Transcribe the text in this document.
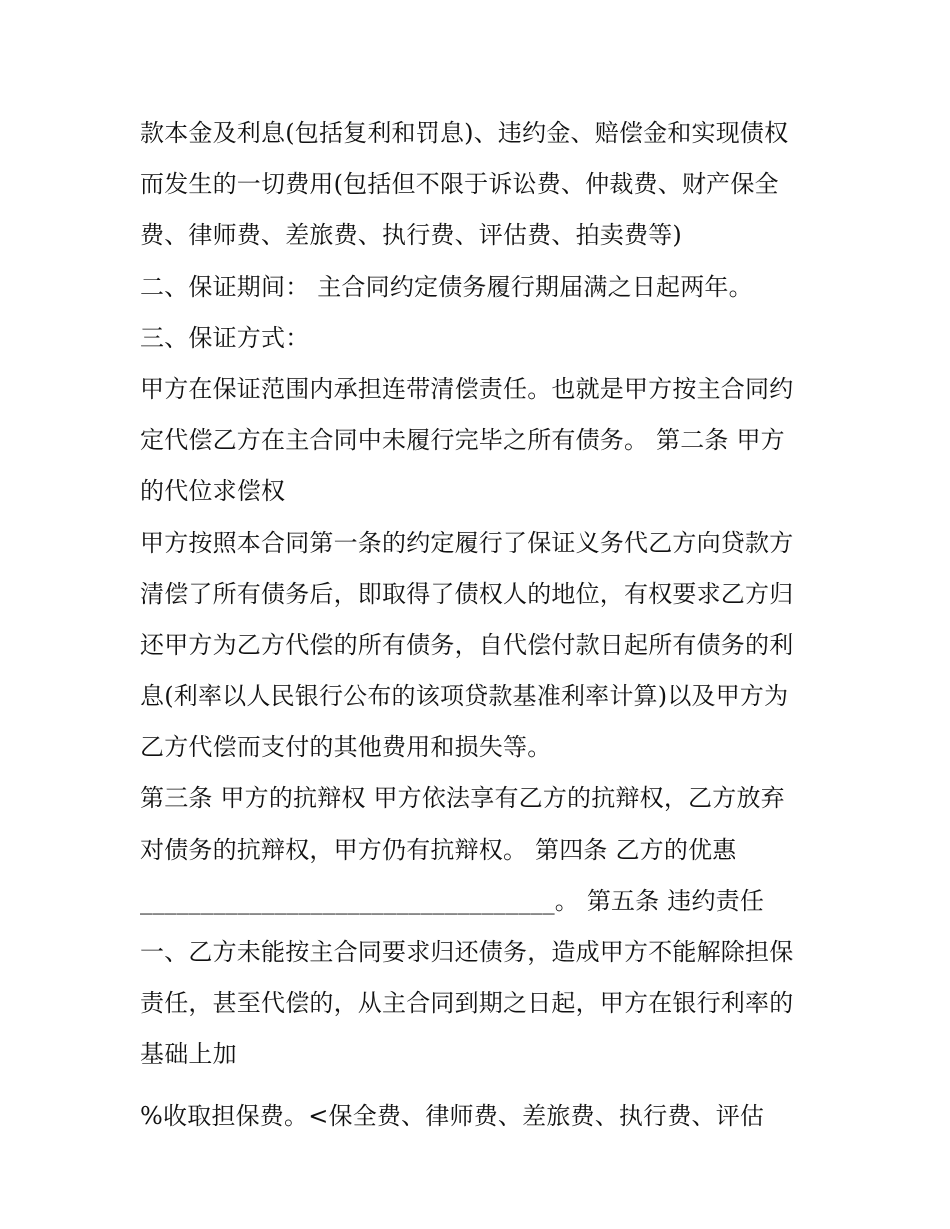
款本金及利息(包括复利和罚息)、违约金、赔偿金和实现债权
而发生的一切费用(包括但不限于诉讼费、仲裁费、财产保全
费、律师费、差旅费、执行费、评估费、拍卖费等)
二、保证期间： 主合同约定债务履行期届满之日起两年。
三、保证方式：
甲方在保证范围内承担连带清偿责任。也就是甲方按主合同约
定代偿乙方在主合同中未履行完毕之所有债务。 第二条 甲方
的代位求偿权
甲方按照本合同第一条的约定履行了保证义务代乙方向贷款方
清偿了所有债务后，即取得了债权人的地位，有权要求乙方归
还甲方为乙方代偿的所有债务，自代偿付款日起所有债务的利
息(利率以人民银行公布的该项贷款基准利率计算)以及甲方为
乙方代偿而支付的其他费用和损失等。
第三条 甲方的抗辩权 甲方依法享有乙方的抗辩权，乙方放弃
对债务的抗辩权，甲方仍有抗辩权。 第四条 乙方的优惠
__________________________________。 第五条 违约责任
一、乙方未能按主合同要求归还债务，造成甲方不能解除担保
责任，甚至代偿的，从主合同到期之日起，甲方在银行利率的
基础上加
%收取担保费。<保全费、律师费、差旅费、执行费、评估
